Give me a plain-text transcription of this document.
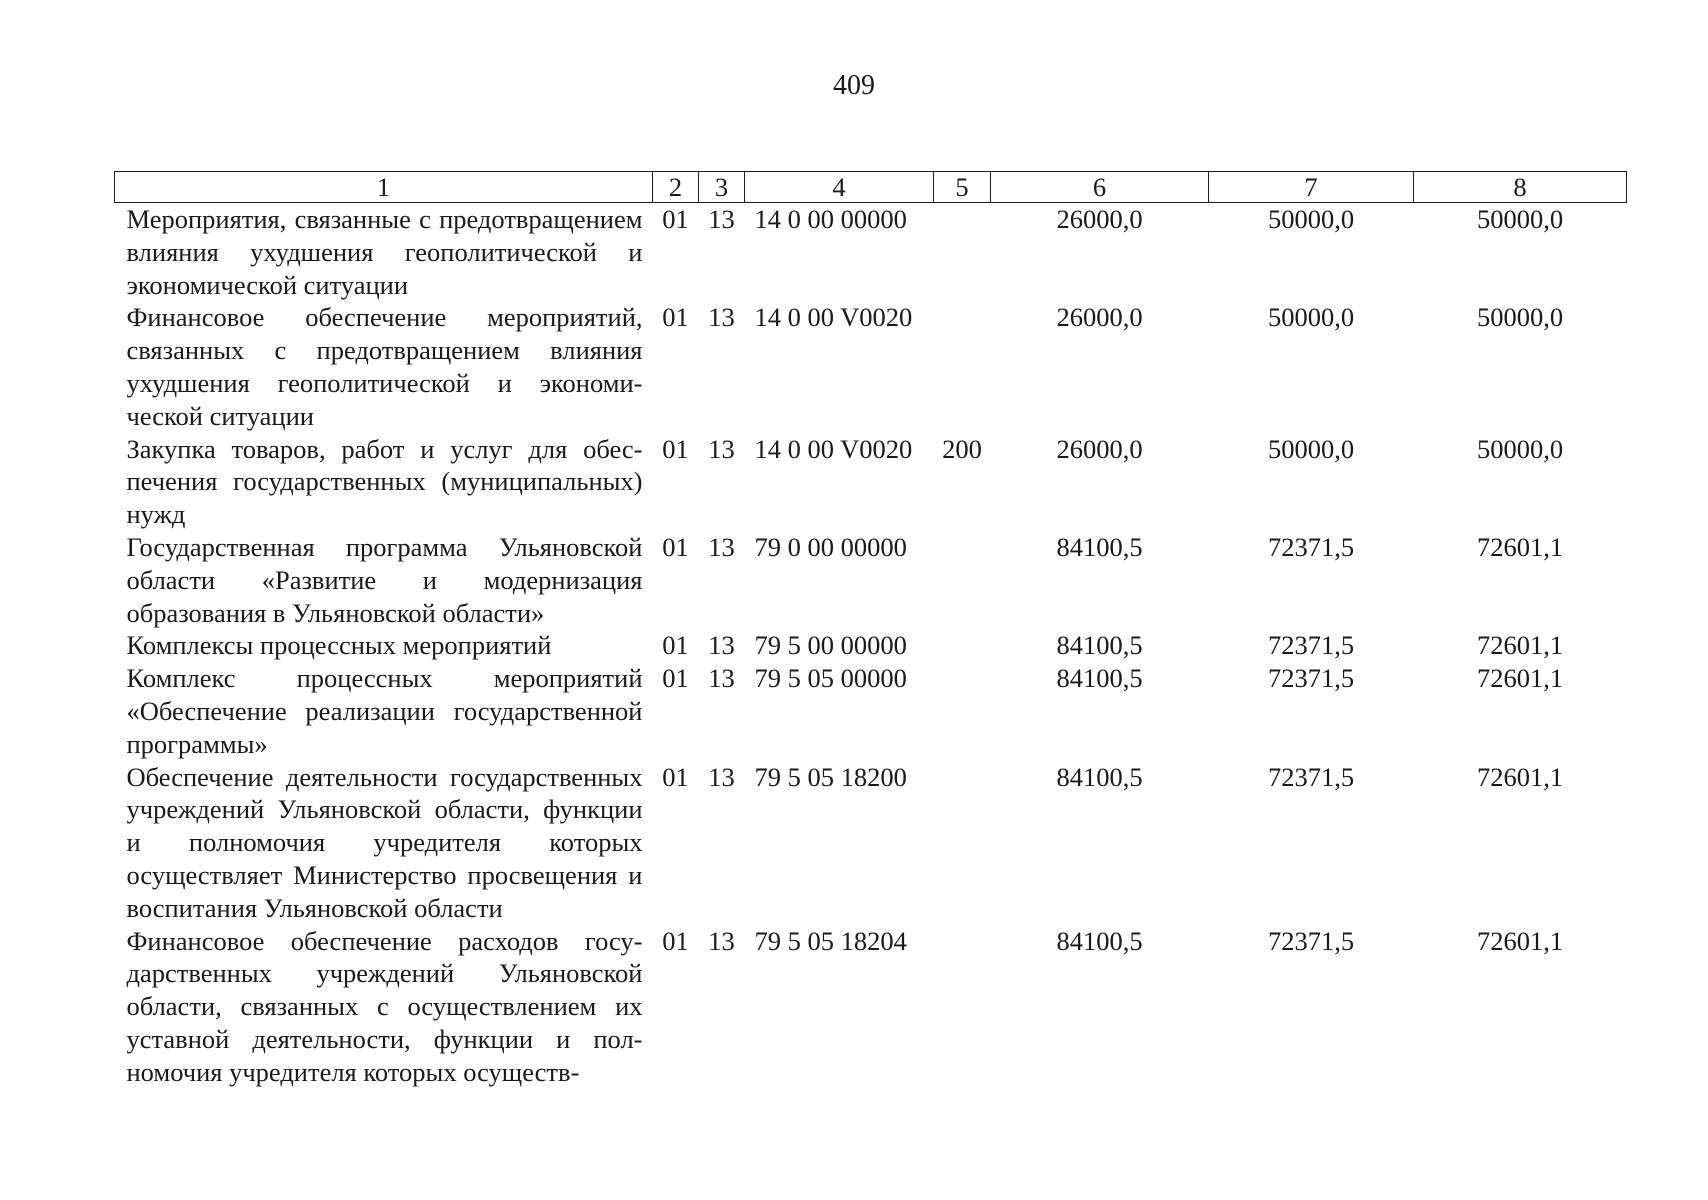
409
1	2	3	4	5	6	7	8
Мероприятия, связанные с предотвращением влияния ухудшения геополитической и экономической ситуации	01	13	14 0 00 00000		26000,0	50000,0	50000,0
Финансовое обеспечение мероприятий, связанных с предотвращением влияния ухудшения геополитической и экономической ситуации	01	13	14 0 00 V0020		26000,0	50000,0	50000,0
Закупка товаров, работ и услуг для обеспечения государственных (муниципальных) нужд	01	13	14 0 00 V0020	200	26000,0	50000,0	50000,0
Государственная программа Ульяновской области «Развитие и модернизация образования в Ульяновской области»	01	13	79 0 00 00000		84100,5	72371,5	72601,1
Комплексы процессных мероприятий	01	13	79 5 00 00000		84100,5	72371,5	72601,1
Комплекс процессных мероприятий «Обеспечение реализации государственной программы»	01	13	79 5 05 00000		84100,5	72371,5	72601,1
Обеспечение деятельности государственных учреждений Ульяновской области, функции и полномочия учредителя которых осуществляет Министерство просвещения и воспитания Ульяновской области	01	13	79 5 05 18200		84100,5	72371,5	72601,1
Финансовое обеспечение расходов государственных учреждений Ульяновской области, связанных с осуществлением их уставной деятельности, функции и полномочия учредителя которых осуществ-	01	13	79 5 05 18204		84100,5	72371,5	72601,1
